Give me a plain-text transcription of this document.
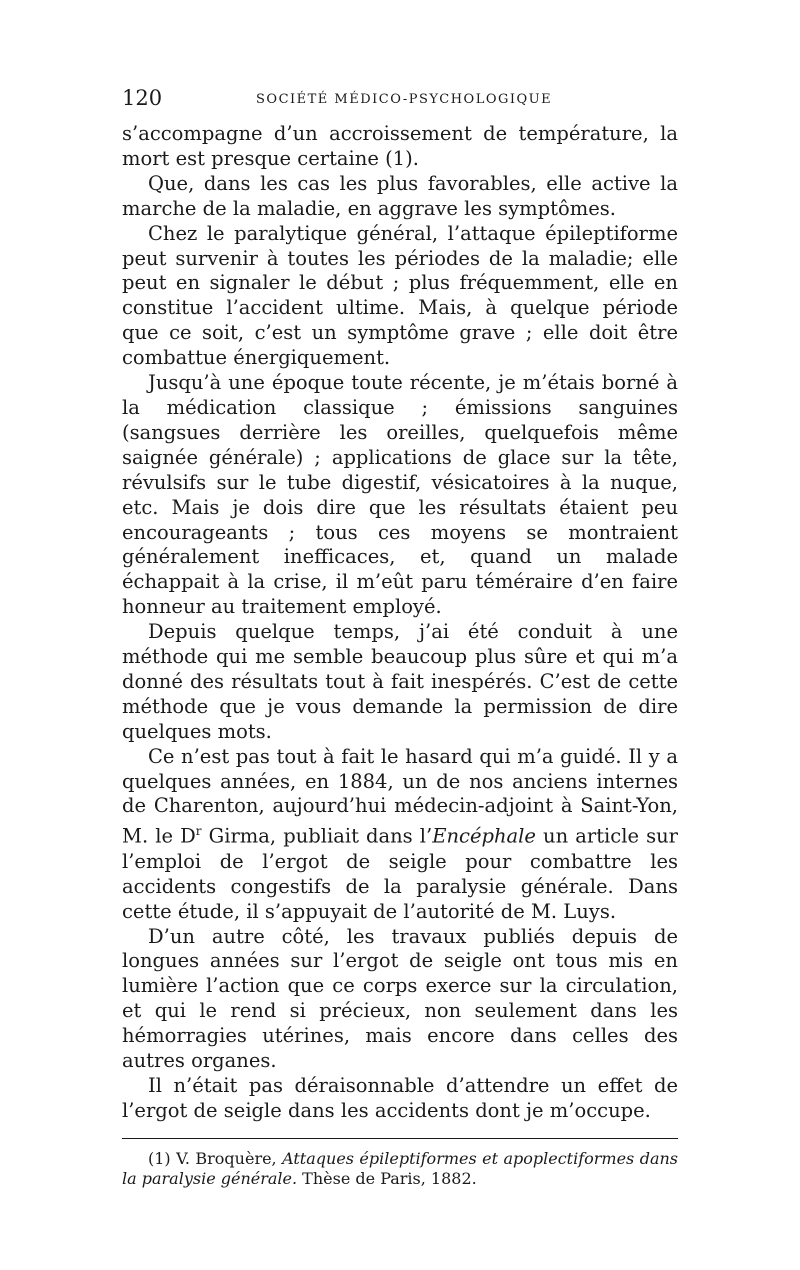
120	SOCIÉTÉ MÉDICO-PSYCHOLOGIQUE

s’accompagne d’un accroissement de température, la mort est presque certaine (1).

Que, dans les cas les plus favorables, elle active la marche de la maladie, en aggrave les symptômes.

Chez le paralytique général, l’attaque épileptiforme peut survenir à toutes les périodes de la maladie; elle peut en signaler le début ; plus fréquemment, elle en constitue l’accident ultime. Mais, à quelque période que ce soit, c’est un symptôme grave ; elle doit être combattue énergiquement.

Jusqu’à une époque toute récente, je m’étais borné à la médication classique ; émissions sanguines (sangsues derrière les oreilles, quelquefois même saignée générale) ; applications de glace sur la tête, révulsifs sur le tube digestif, vésicatoires à la nuque, etc. Mais je dois dire que les résultats étaient peu encourageants ; tous ces moyens se montraient généralement inefficaces, et, quand un malade échappait à la crise, il m’eût paru téméraire d’en faire honneur au traitement employé.

Depuis quelque temps, j’ai été conduit à une méthode qui me semble beaucoup plus sûre et qui m’a donné des résultats tout à fait inespérés. C’est de cette méthode que je vous demande la permission de dire quelques mots.

Ce n’est pas tout à fait le hasard qui m’a guidé. Il y a quelques années, en 1884, un de nos anciens internes de Charenton, aujourd’hui médecin-adjoint à Saint-Yon, M. le $D^r$ Girma, publiait dans l’Encéphale un article sur l’emploi de l’ergot de seigle pour combattre les accidents congestifs de la paralysie générale. Dans cette étude, il s’appuyait de l’autorité de M. Luys.

D’un autre côté, les travaux publiés depuis de longues années sur l’ergot de seigle ont tous mis en lumière l’action que ce corps exerce sur la circulation, et qui le rend si précieux, non seulement dans les hémorragies utérines, mais encore dans celles des autres organes.

Il n’était pas déraisonnable d’attendre un effet de l’ergot de seigle dans les accidents dont je m’occupe.

(1) V. Broquère, Attaques épileptiformes et apoplectiformes dans la paralysie générale. Thèse de Paris, 1882.
